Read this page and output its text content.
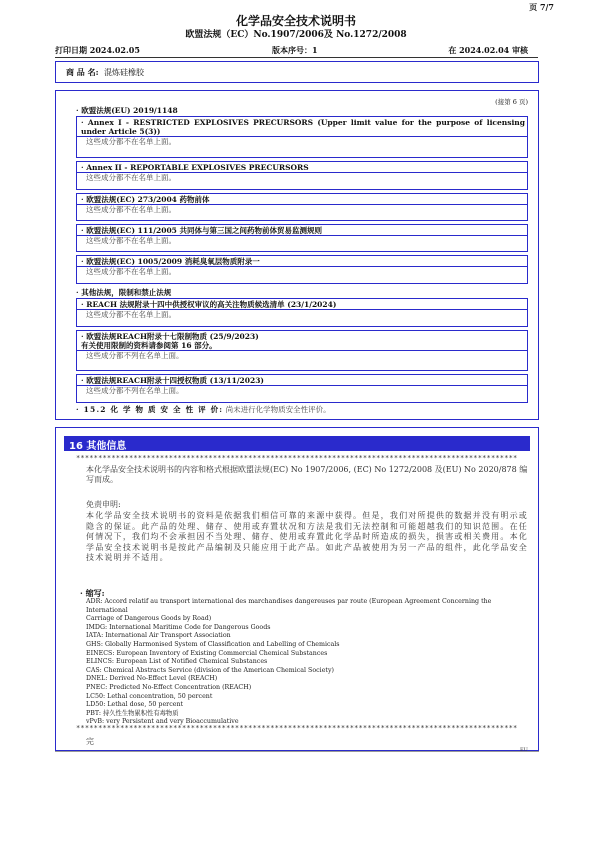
页 7/7
化学品安全技术说明书
欧盟法规（EC）No.1907/2006及 No.1272/2008
打印日期 2024.02.05	版本序号：1	在 2024.02.04 审核
商 品 名: 混炼硅橡胶
(接第 6 页)
· 欧盟法规(EU) 2019/1148
· Annex I - RESTRICTED EXPLOSIVES PRECURSORS (Upper limit value for the purpose of licensing under Article 5(3))
这些成分都不在名单上面。
· Annex II - REPORTABLE EXPLOSIVES PRECURSORS
这些成分都不在名单上面。
· 欧盟法规(EC) 273/2004 药物前体
这些成分都不在名单上面。
· 欧盟法规(EC) 111/2005 共同体与第三国之间药物前体贸易监测规则
这些成分都不在名单上面。
· 欧盟法规(EC) 1005/2009 消耗臭氧层物质附录一
这些成分都不在名单上面。
· 其他法规，限制和禁止法规
· REACH 法规附录十四中供授权审议的高关注物质候选清单 (23/1/2024)
这些成分都不在名单上面。
· 欧盟法规REACH附录十七限制物质 (25/9/2023)
有关使用限制的资料请参阅第 16 部分。
这些成分都不列在名单上面。
· 欧盟法规REACH附录十四授权物质 (13/11/2023)
这些成分都不列在名单上面。
· 15.2 化 学 物 质 安 全 性 评 价: 尚未进行化学物质安全性评价。
16 其他信息
****************************************************************************************************
本化学品安全技术说明书的内容和格式根据欧盟法规(EC) No 1907/2006, (EC) No 1272/2008 及(EU) No 2020/878 编写而成。
免责申明:
本化学品安全技术说明书的资料是依据我们相信可靠的来源中获得。但是，我们对所提供的数据并没有明示或隐含的保证。此产品的处理、储存、使用或弃置状况和方法是我们无法控制和可能超越我们的知识范围。在任何情况下，我们均不会承担因不当处理、储存、使用或弃置此化学品时所造成的损失，损害或相关费用。本化学品安全技术说明书是按此产品编制及只能应用于此产品。如此产品被使用为另一产品的组件，此化学品安全技术说明并不适用。
· 缩写:
ADR: Accord relatif au transport international des marchandises dangereuses par route (European Agreement Concerning the International
Carriage of Dangerous Goods by Road)
IMDG: International Maritime Code for Dangerous Goods
IATA: International Air Transport Association
GHS: Globally Harmonised System of Classification and Labelling of Chemicals
EINECS: European Inventory of Existing Commercial Chemical Substances
ELINCS: European List of Notified Chemical Substances
CAS: Chemical Abstracts Service (division of the American Chemical Society)
DNEL: Derived No-Effect Level (REACH)
PNEC: Predicted No-Effect Concentration (REACH)
LC50: Lethal concentration, 50 percent
LD50: Lethal dose, 50 percent
PBT: 持久性生物累积性有毒物质
vPvB: very Persistent and very Bioaccumulative
****************************************************************************************************
完
EU
